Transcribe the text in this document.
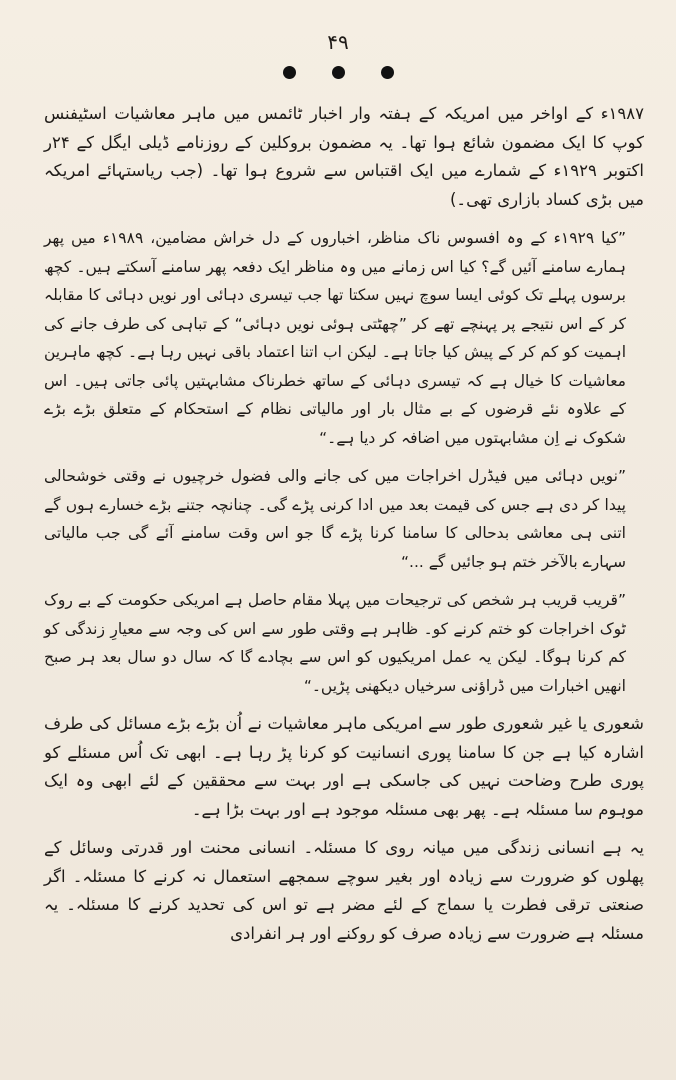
۴۹

۱۹۸۷ء کے اواخر میں امریکہ کے ہفتہ وار اخبار ٹائمس میں ماہر معاشیات اسٹیفنس کوپ کا ایک مضمون شائع ہوا تھا۔ یہ مضمون بروکلین کے روزنامے ڈیلی ایگل کے ۲۴ر اکتوبر ۱۹۲۹ء کے شمارے میں ایک اقتباس سے شروع ہوا تھا۔ (جب ریاستہائے امریکہ میں بڑی کساد بازاری تھی۔)

”کیا ۱۹۲۹ء کے وہ افسوس ناک مناظر، اخباروں کے دل خراش مضامین، ۱۹۸۹ء میں پھر ہمارے سامنے آئیں گے؟ کیا اس زمانے میں وہ مناظر ایک دفعہ پھر سامنے آسکتے ہیں۔ کچھ برسوں پہلے تک کوئی ایسا سوچ نہیں سکتا تھا جب تیسری دہائی اور نویں دہائی کا مقابلہ کر کے اس نتیجے پر پہنچے تھے کر ”چھٹتی ہوئی نویں دہائی“ کے تباہی کی طرف جانے کی اہمیت کو کم کر کے پیش کیا جاتا ہے۔ لیکن اب اتنا اعتماد باقی نہیں رہا ہے۔ کچھ ماہرین معاشیات کا خیال ہے کہ تیسری دہائی کے ساتھ خطرناک مشابہتیں پائی جاتی ہیں۔ اس کے علاوہ نئے قرضوں کے بے مثال بار اور مالیاتی نظام کے استحکام کے متعلق بڑے بڑے شکوک نے اِن مشابہتوں میں اضافہ کر دیا ہے۔“

”نویں دہائی میں فیڈرل اخراجات میں کی جانے والی فضول خرچیوں نے وقتی خوشحالی پیدا کر دی ہے جس کی قیمت بعد میں ادا کرنی پڑے گی۔ چنانچہ جتنے بڑے خسارے ہوں گے اتنی ہی معاشی بدحالی کا سامنا کرنا پڑے گا جو اس وقت سامنے آئے گی جب مالیاتی سہارے بالآخر ختم ہو جائیں گے ...“

”قریب قریب ہر شخص کی ترجیحات میں پہلا مقام حاصل ہے امریکی حکومت کے بے روک ٹوک اخراجات کو ختم کرنے کو۔ ظاہر ہے وقتی طور سے اس کی وجہ سے معیارِ زندگی کو کم کرنا ہوگا۔ لیکن یہ عمل امریکیوں کو اس سے بچادے گا کہ سال دو سال بعد ہر صبح انھیں اخبارات میں ڈراؤنی سرخیاں دیکھنی پڑیں۔“

شعوری یا غیر شعوری طور سے امریکی ماہر معاشیات نے اُن بڑے بڑے مسائل کی طرف اشارہ کیا ہے جن کا سامنا پوری انسانیت کو کرنا پڑ رہا ہے۔ ابھی تک اُس مسئلے کو پوری طرح وضاحت نہیں کی جاسکی ہے اور بہت سے محققین کے لئے ابھی وہ ایک موہوم سا مسئلہ ہے۔ پھر بھی مسئلہ موجود ہے اور بہت بڑا ہے۔

یہ ہے انسانی زندگی میں میانہ روی کا مسئلہ۔ انسانی محنت اور قدرتی وسائل کے پھلوں کو ضرورت سے زیادہ اور بغیر سوچے سمجھے استعمال نہ کرنے کا مسئلہ۔ اگر صنعتی ترقی فطرت یا سماج کے لئے مضر ہے تو اس کی تحدید کرنے کا مسئلہ۔ یہ مسئلہ ہے ضرورت سے زیادہ صرف کو روکنے اور ہر انفرادی
